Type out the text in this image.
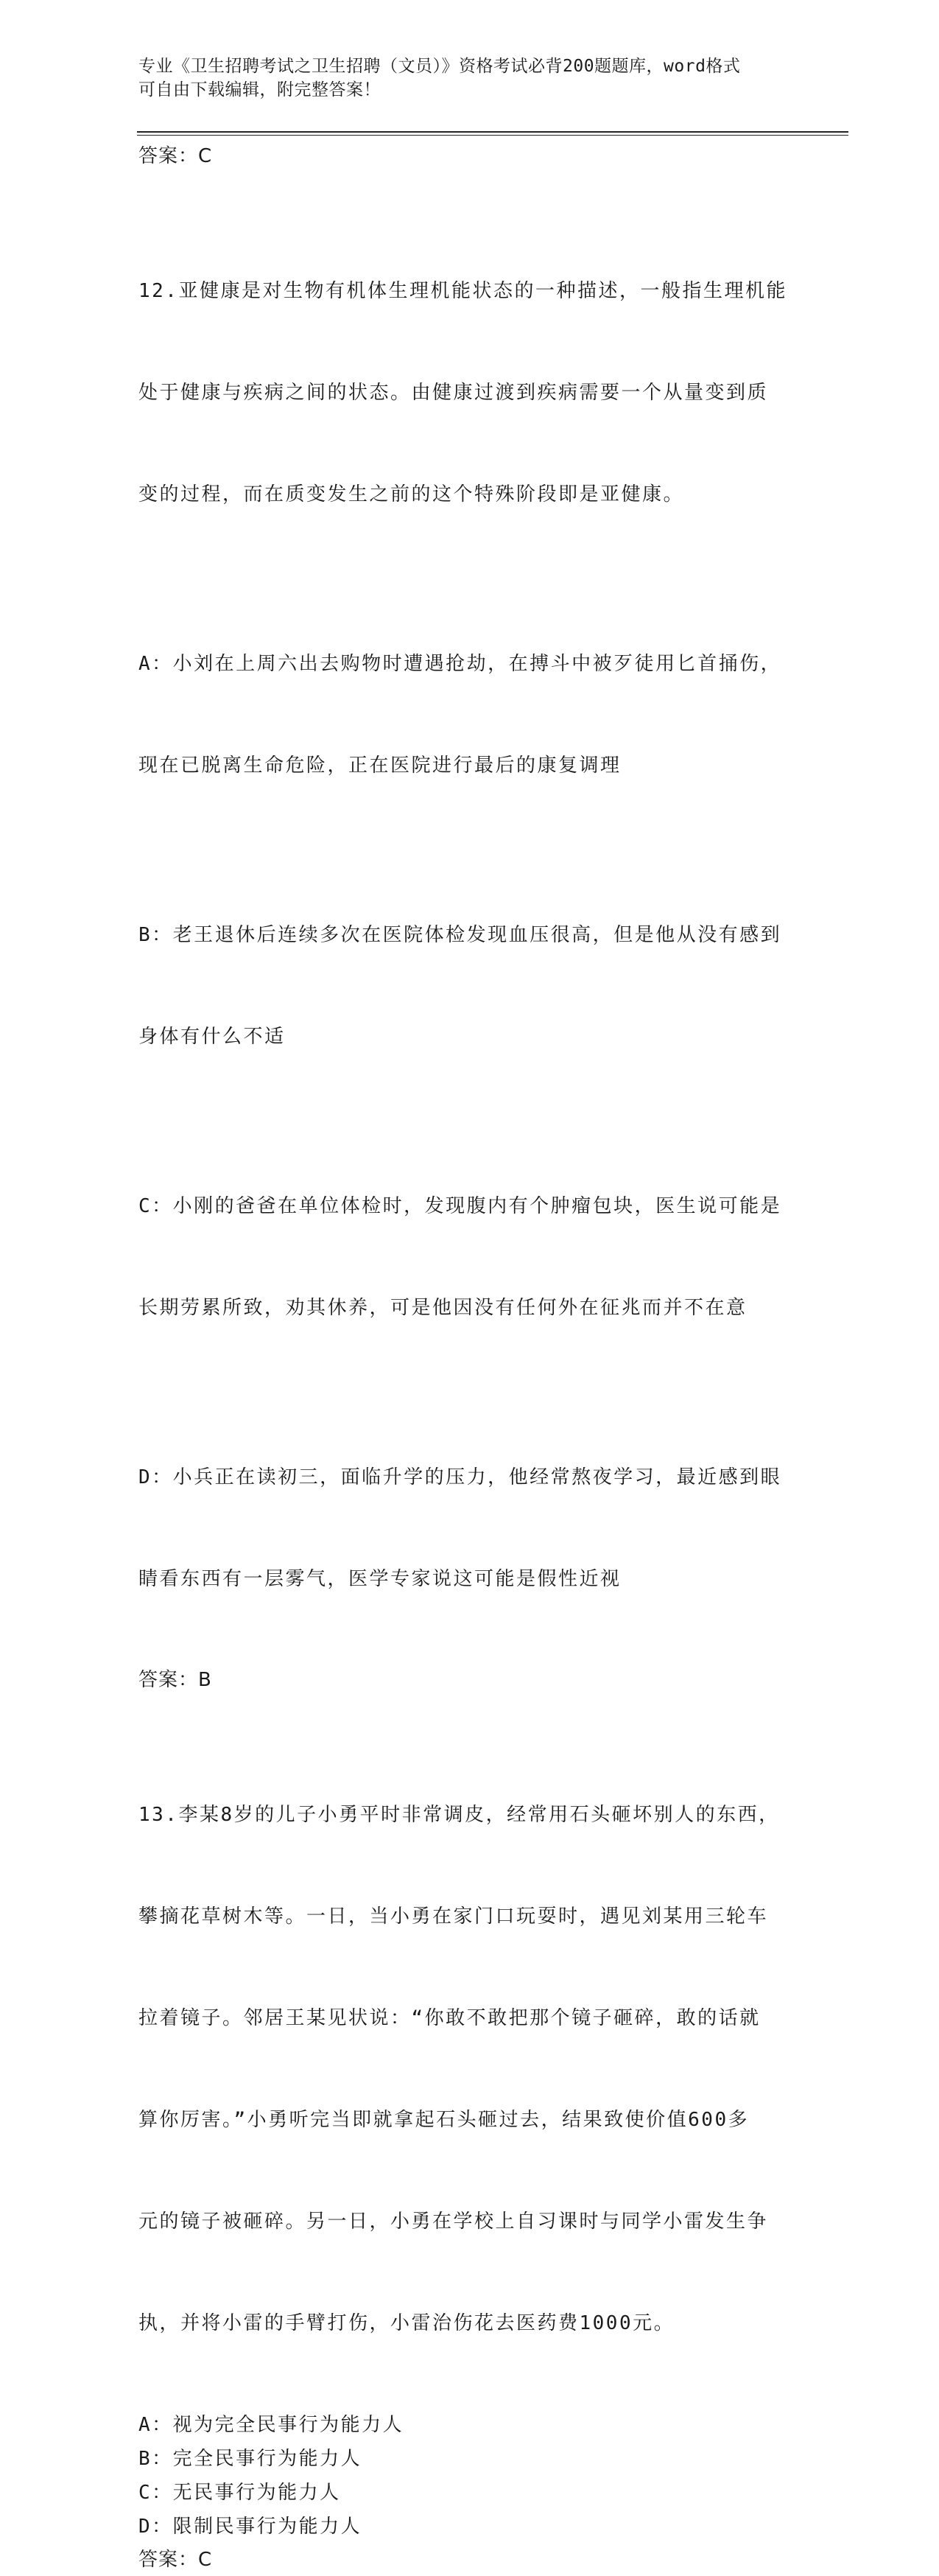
专业《卫生招聘考试之卫生招聘（文员）》资格考试必背200题题库，word格式
可自由下载编辑，附完整答案！
答案：C

12.亚健康是对生物有机体生理机能状态的一种描述，一般指生理机能

处于健康与疾病之间的状态。由健康过渡到疾病需要一个从量变到质

变的过程，而在质变发生之前的这个特殊阶段即是亚健康。

A：小刘在上周六出去购物时遭遇抢劫，在搏斗中被歹徒用匕首捅伤，

现在已脱离生命危险，正在医院进行最后的康复调理

B：老王退休后连续多次在医院体检发现血压很高，但是他从没有感到

身体有什么不适

C：小刚的爸爸在单位体检时，发现腹内有个肿瘤包块，医生说可能是

长期劳累所致，劝其休养，可是他因没有任何外在征兆而并不在意

D：小兵正在读初三，面临升学的压力，他经常熬夜学习，最近感到眼

睛看东西有一层雾气，医学专家说这可能是假性近视

答案：B

13.李某8岁的儿子小勇平时非常调皮，经常用石头砸坏别人的东西，

攀摘花草树木等。一日，当小勇在家门口玩耍时，遇见刘某用三轮车

拉着镜子。邻居王某见状说：“你敢不敢把那个镜子砸碎，敢的话就

算你厉害。”小勇听完当即就拿起石头砸过去，结果致使价值600多

元的镜子被砸碎。另一日，小勇在学校上自习课时与同学小雷发生争

执，并将小雷的手臂打伤，小雷治伤花去医药费1000元。

A：视为完全民事行为能力人
B：完全民事行为能力人
C：无民事行为能力人
D：限制民事行为能力人
答案：C
